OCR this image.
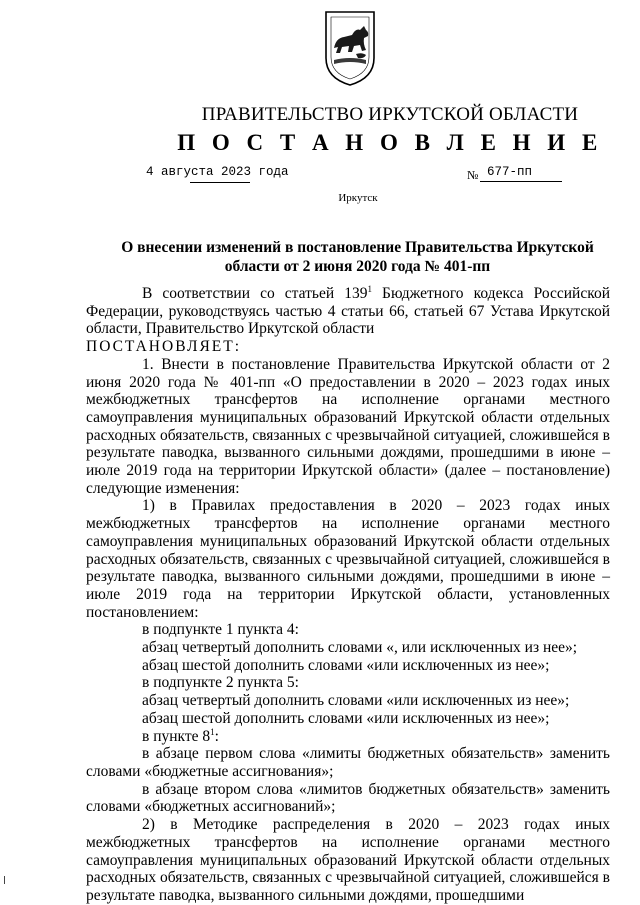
ПРАВИТЕЛЬСТВО ИРКУТСКОЙ ОБЛАСТИ
П О С Т А Н О В Л Е Н И Е
4 августа 2023 года	№ 677-пп
Иркутск
О внесении изменений в постановление Правительства Иркутской области от 2 июня 2020 года № 401-пп

В соответствии со статьей $139^1$ Бюджетного кодекса Российской Федерации, руководствуясь частью 4 статьи 66, статьей 67 Устава Иркутской области, Правительство Иркутской области

ПОСТАНОВЛЯЕТ:

1. Внести в постановление Правительства Иркутской области от 2 июня 2020 года № 401-пп «О предоставлении в 2020 – 2023 годах иных межбюджетных трансфертов на исполнение органами местного самоуправления муниципальных образований Иркутской области отдельных расходных обязательств, связанных с чрезвычайной ситуацией, сложившейся в результате паводка, вызванного сильными дождями, прошедшими в июне – июле 2019 года на территории Иркутской области» (далее – постановление) следующие изменения:

1) в Правилах предоставления в 2020 – 2023 годах иных межбюджетных трансфертов на исполнение органами местного самоуправления муниципальных образований Иркутской области отдельных расходных обязательств, связанных с чрезвычайной ситуацией, сложившейся в результате паводка, вызванного сильными дождями, прошедшими в июне – июле 2019 года на территории Иркутской области, установленных постановлением:

в подпункте 1 пункта 4:

абзац четвертый дополнить словами «, или исключенных из нее»;

абзац шестой дополнить словами «или исключенных из нее»;

в подпункте 2 пункта 5:

абзац четвертый дополнить словами «или исключенных из нее»;

абзац шестой дополнить словами «или исключенных из нее»;

в пункте $8^1$:

в абзаце первом слова «лимиты бюджетных обязательств» заменить словами «бюджетные ассигнования»;

в абзаце втором слова «лимитов бюджетных обязательств» заменить словами «бюджетных ассигнований»;

2) в Методике распределения в 2020 – 2023 годах иных межбюджетных трансфертов на исполнение органами местного самоуправления муниципальных образований Иркутской области отдельных расходных обязательств, связанных с чрезвычайной ситуацией, сложившейся в результате паводка, вызванного сильными дождями, прошедшими
